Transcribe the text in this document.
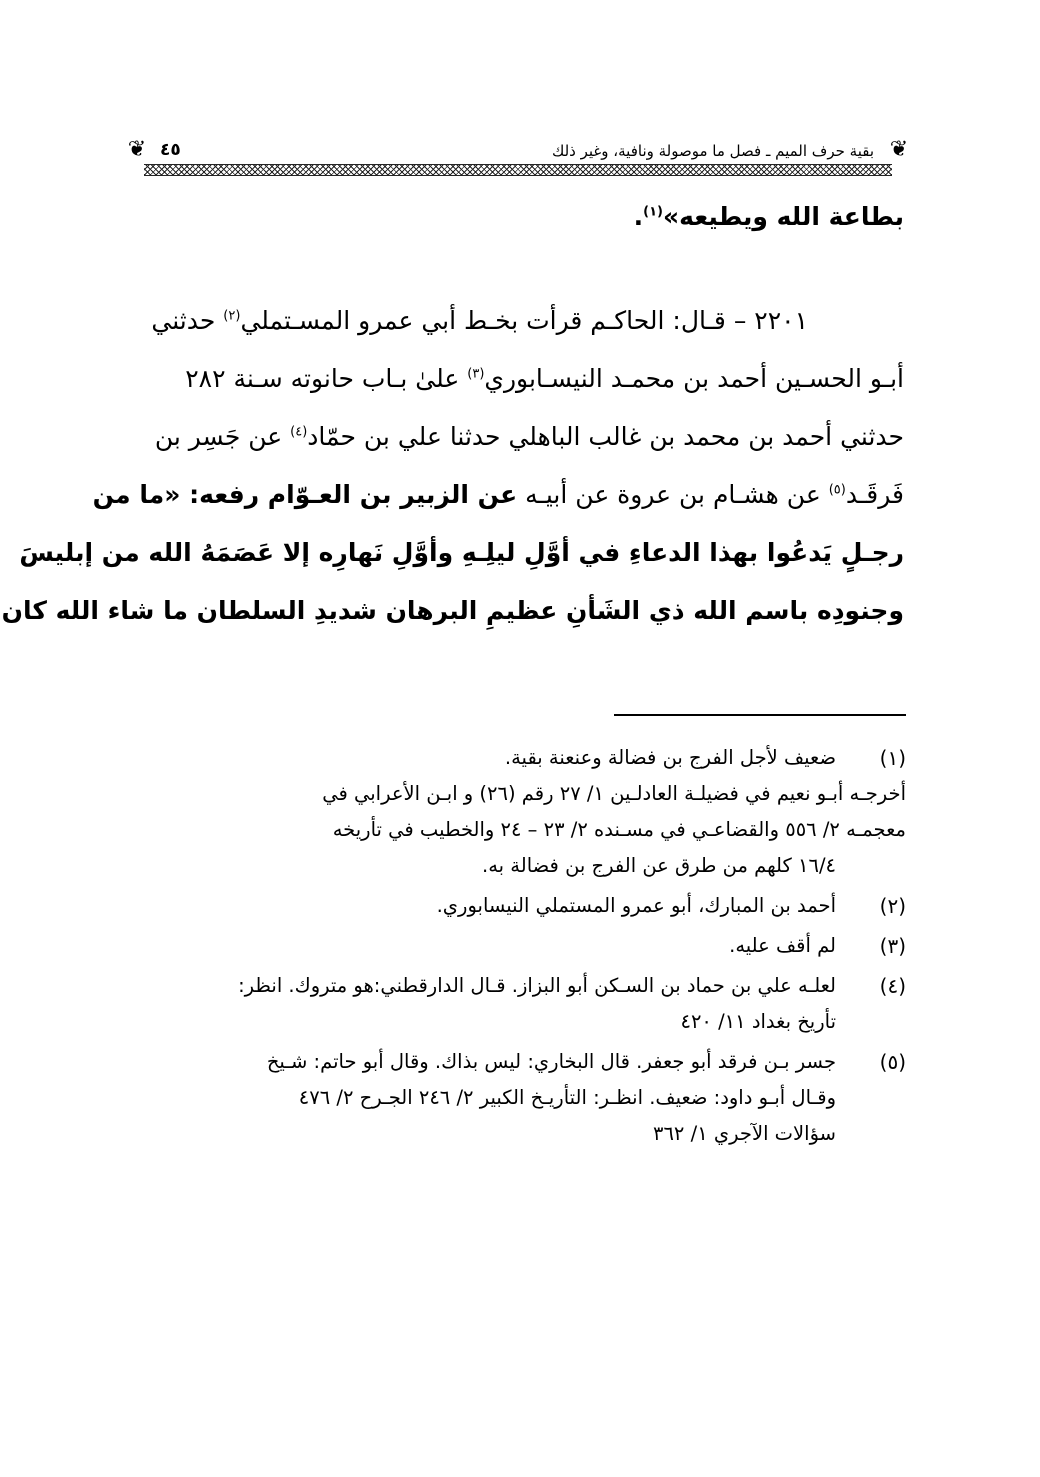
❦
بقية حرف الميم ـ فصل ما موصولة ونافية، وغير ذلك
٤٥
❦
بطاعة الله ويطيعه»$^{(١)}$.
٢٢٠١ – قـال: الحاكـم قرأت بخـط أبي عمرو المسـتملي$^{(٢)}$ حدثني
أبـو الحسـين أحمد بن محمـد النيسـابوري$^{(٣)}$ علىٰ بـاب حانوته سـنة ٢٨٢
حدثني أحمد بن محمد بن غالب الباهلي حدثنا علي بن حمّاد$^{(٤)}$ عن جَسِر بن
فَرقَـد$^{(٥)}$ عن هشـام بن عروة عن أبيـه عن الزبير بن العـوّام رفعه: «ما من
رجـلٍ يَدعُوا بهذا الدعاءِ في أوَّلِ ليلِـهِ وأوَّلِ نَهارِه إلا عَصَمَهُ الله من إبليسَ
وجنودِه باسم الله ذي الشَأنِ عظيمِ البرهان شديدِ السلطان ما شاء الله كان
(١)
ضعيف لأجل الفرج بن فضالة وعنعنة بقية.
أخرجـه أبـو نعيم في فضيلـة العادلـين ١/ ٢٧ رقم (٢٦) و ابـن الأعرابي في
معجمـه ٢/ ٥٥٦ والقضاعـي في مسـنده ٢/ ٢٣ – ٢٤ والخطيب في تأريخه
١٦/٤ كلهم من طرق عن الفرج بن فضالة به.
(٢)
أحمد بن المبارك، أبو عمرو المستملي النيسابوري.
(٣)
لم أقف عليه.
(٤)
لعلـه علي بن حماد بن السـكن أبو البزاز. قـال الدارقطني:هو متروك. انظر:
تأريخ بغداد ١١/ ٤٢٠
(٥)
جسر بـن فرقد أبو جعفر. قال البخاري: ليس بذاك. وقال أبو حاتم: شـيخ
وقـال أبـو داود: ضعيف. انظـر: التأريـخ الكبير ٢/ ٢٤٦ الجـرح ٢/ ٤٧٦
سؤالات الآجري ١/ ٣٦٢
